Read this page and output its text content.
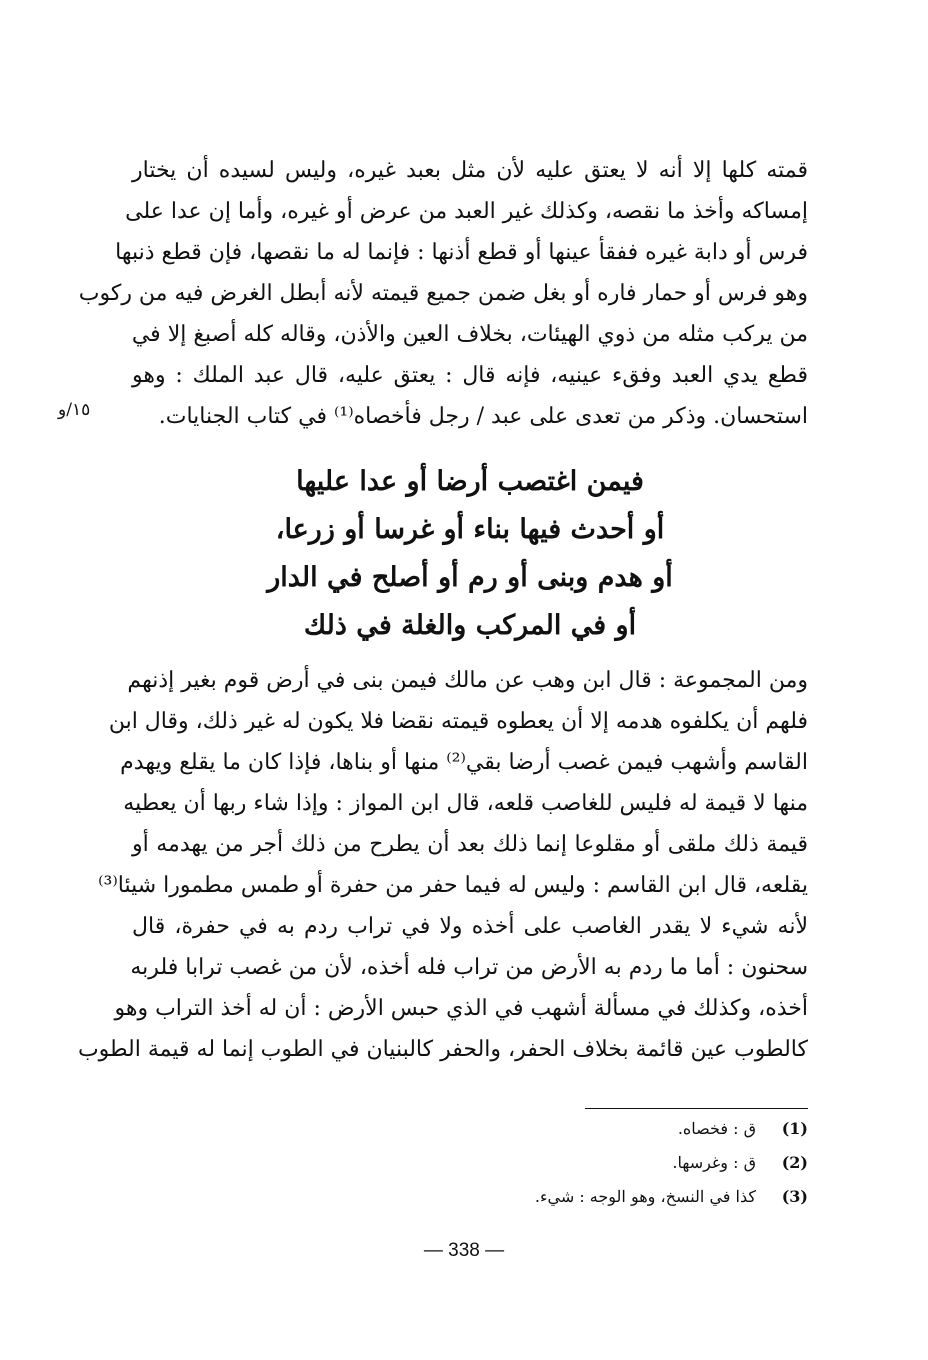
قمته كلها إلا أنه لا يعتق عليه لأن مثل بعبد غيره، وليس لسيده أن يختار
إمساكه وأخذ ما نقصه، وكذلك غير العبد من عرض أو غيره، وأما إن عدا على
فرس أو دابة غيره ففقأ عينها أو قطع أذنها : فإنما له ما نقصها، فإن قطع ذنبها
وهو فرس أو حمار فاره أو بغل ضمن جميع قيمته لأنه أبطل الغرض فيه من ركوب
من يركب مثله من ذوي الهيئات، بخلاف العين والأذن، وقاله كله أصبغ إلا في
قطع يدي العبد وفقء عينيه، فإنه قال : يعتق عليه، قال عبد الملك : وهو
استحسان. وذكر من تعدى على عبد / رجل فأخصاه⁽¹⁾ في كتاب الجنايات.
١٥/و
فيمن اغتصب أرضا أو عدا عليها
أو أحدث فيها بناء أو غرسا أو زرعا،
أو هدم وبنى أو رم أو أصلح في الدار
أو في المركب والغلة في ذلك
ومن المجموعة : قال ابن وهب عن مالك فيمن بنى في أرض قوم بغير إذنهم
فلهم أن يكلفوه هدمه إلا أن يعطوه قيمته نقضا فلا يكون له غير ذلك، وقال ابن
القاسم وأشهب فيمن غصب أرضا بقي⁽²⁾ منها أو بناها، فإذا كان ما يقلع ويهدم
منها لا قيمة له فليس للغاصب قلعه، قال ابن المواز : وإذا شاء ربها أن يعطيه
قيمة ذلك ملقى أو مقلوعا إنما ذلك بعد أن يطرح من ذلك أجر من يهدمه أو
يقلعه، قال ابن القاسم : وليس له فيما حفر من حفرة أو طمس مطمورا شيئا⁽³⁾
لأنه شيء لا يقدر الغاصب على أخذه ولا في تراب ردم به في حفرة، قال
سحنون : أما ما ردم به الأرض من تراب فله أخذه، لأن من غصب ترابا فلربه
أخذه، وكذلك في مسألة أشهب في الذي حبس الأرض : أن له أخذ التراب وهو
كالطوب عين قائمة بخلاف الحفر، والحفر كالبنيان في الطوب إنما له قيمة الطوب
(1)
ق : فخصاه.
(2)
ق : وغرسها.
(3)
كذا في النسخ، وهو الوجه : شيء.
— 338 —
